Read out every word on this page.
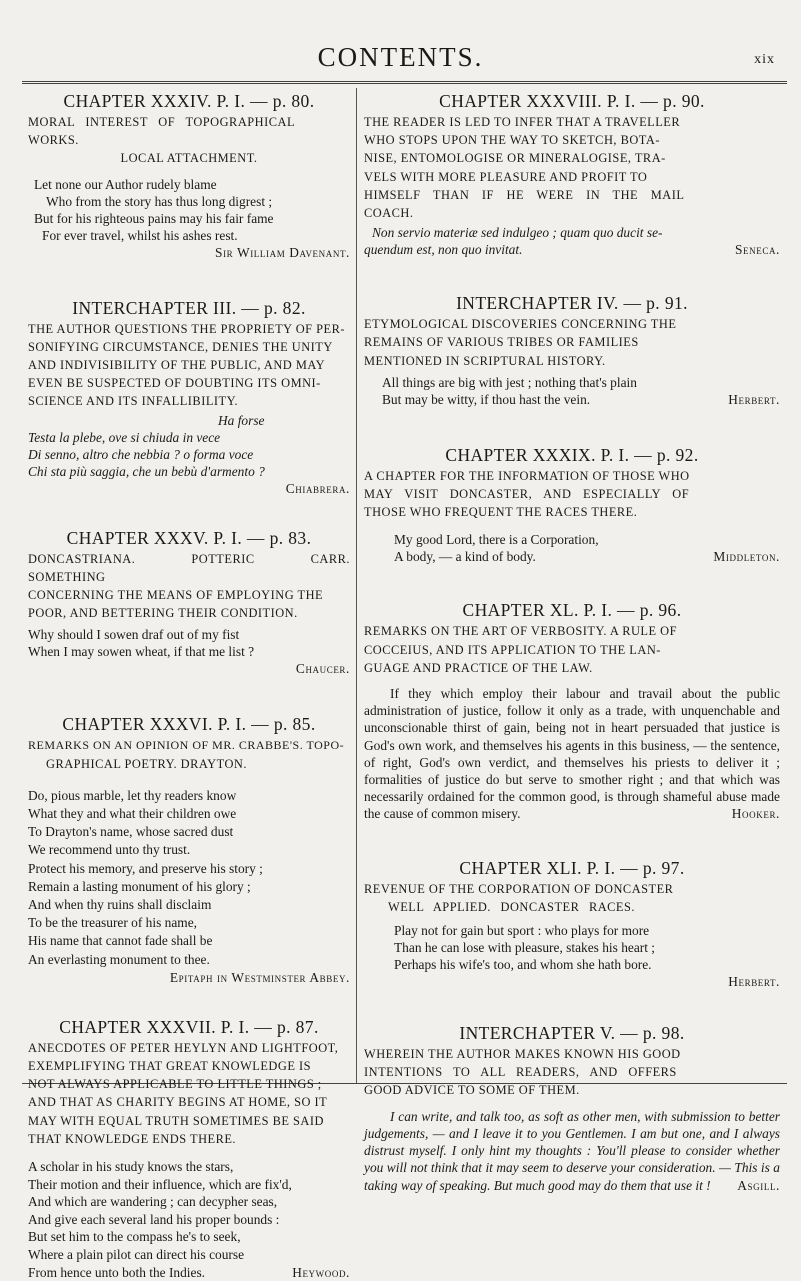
CONTENTS.	xix
CHAPTER XXXIV. P. I. — p. 80.
MORAL INTEREST OF TOPOGRAPHICAL WORKS.
LOCAL ATTACHMENT.
Let none our Author rudely blame
Who from the story has thus long digrest ;
But for his righteous pains may his fair fame
For ever travel, whilst his ashes rest.
Sir William Davenant.
INTERCHAPTER III. — p. 82.
THE AUTHOR QUESTIONS THE PROPRIETY OF PER-
SONIFYING CIRCUMSTANCE, DENIES THE UNITY
AND INDIVISIBILITY OF THE PUBLIC, AND MAY
EVEN BE SUSPECTED OF DOUBTING ITS OMNI-
SCIENCE AND ITS INFALLIBILITY.
Ha forse
Testa la plebe, ove si chiuda in vece
Di senno, altro che nebbia ? o forma voce
Chi sta più saggia, che un bebù d'armento ?
Chiabrera.
CHAPTER XXXV. P. I. — p. 83.
DONCASTRIANA. POTTERIC CARR. SOMETHING
CONCERNING THE MEANS OF EMPLOYING THE
POOR, AND BETTERING THEIR CONDITION.
Why should I sowen draf out of my fist
When I may sowen wheat, if that me list ?
Chaucer.
CHAPTER XXXVI. P. I. — p. 85.
REMARKS ON AN OPINION OF MR. CRABBE'S. TOPO-
GRAPHICAL POETRY. DRAYTON.
Do, pious marble, let thy readers know
What they and what their children owe
To Drayton's name, whose sacred dust
We recommend unto thy trust.
Protect his memory, and preserve his story ;
Remain a lasting monument of his glory ;
And when thy ruins shall disclaim
To be the treasurer of his name,
His name that cannot fade shall be
An everlasting monument to thee.
Epitaph in Westminster Abbey.
CHAPTER XXXVII. P. I. — p. 87.
ANECDOTES OF PETER HEYLYN AND LIGHTFOOT,
EXEMPLIFYING THAT GREAT KNOWLEDGE IS
NOT ALWAYS APPLICABLE TO LITTLE THINGS ;
AND THAT AS CHARITY BEGINS AT HOME, SO IT
MAY WITH EQUAL TRUTH SOMETIMES BE SAID
THAT KNOWLEDGE ENDS THERE.
A scholar in his study knows the stars,
Their motion and their influence, which are fix'd,
And which are wandering ; can decypher seas,
And give each several land his proper bounds :
But set him to the compass he's to seek,
Where a plain pilot can direct his course
From hence unto both the Indies.	Heywood.
CHAPTER XXXVIII. P. I. — p. 90.
THE READER IS LED TO INFER THAT A TRAVELLER
WHO STOPS UPON THE WAY TO SKETCH, BOTA-
NISE, ENTOMOLOGISE OR MINERALOGISE, TRA-
VELS WITH MORE PLEASURE AND PROFIT TO
HIMSELF THAN IF HE WERE IN THE MAIL
COACH.
Non servio materiæ sed indulgeo ; quam quo ducit se-
quendum est, non quo invitat.	Seneca.
INTERCHAPTER IV. — p. 91.
ETYMOLOGICAL DISCOVERIES CONCERNING THE
REMAINS OF VARIOUS TRIBES OR FAMILIES
MENTIONED IN SCRIPTURAL HISTORY.
All things are big with jest ; nothing that's plain
But may be witty, if thou hast the vein.	Herbert.
CHAPTER XXXIX. P. I. — p. 92.
A CHAPTER FOR THE INFORMATION OF THOSE WHO
MAY VISIT DONCASTER, AND ESPECIALLY OF
THOSE WHO FREQUENT THE RACES THERE.
My good Lord, there is a Corporation,
A body, — a kind of body.	Middleton.
CHAPTER XL. P. I. — p. 96.
REMARKS ON THE ART OF VERBOSITY. A RULE OF
COCCEIUS, AND ITS APPLICATION TO THE LAN-
GUAGE AND PRACTICE OF THE LAW.
If they which employ their labour and travail about the public administration of justice, follow it only as a trade, with unquenchable and unconscionable thirst of gain, being not in heart persuaded that justice is God's own work, and themselves his agents in this business, — the sentence, of right, God's own verdict, and themselves his priests to deliver it ; formalities of justice do but serve to smother right ; and that which was necessarily ordained for the common good, is through shameful abuse made the cause of common misery.	Hooker.
CHAPTER XLI. P. I. — p. 97.
REVENUE OF THE CORPORATION OF DONCASTER
WELL APPLIED. DONCASTER RACES.
Play not for gain but sport : who plays for more
Than he can lose with pleasure, stakes his heart ;
Perhaps his wife's too, and whom she hath bore.
Herbert.
INTERCHAPTER V. — p. 98.
WHEREIN THE AUTHOR MAKES KNOWN HIS GOOD
INTENTIONS TO ALL READERS, AND OFFERS
GOOD ADVICE TO SOME OF THEM.
I can write, and talk too, as soft as other men, with submission to better judgements, — and I leave it to you Gentlemen. I am but one, and I always distrust myself. I only hint my thoughts : You'll please to consider whether you will not think that it may seem to deserve your consideration. — This is a taking way of speaking. But much good may do them that use it ! Asgill.
